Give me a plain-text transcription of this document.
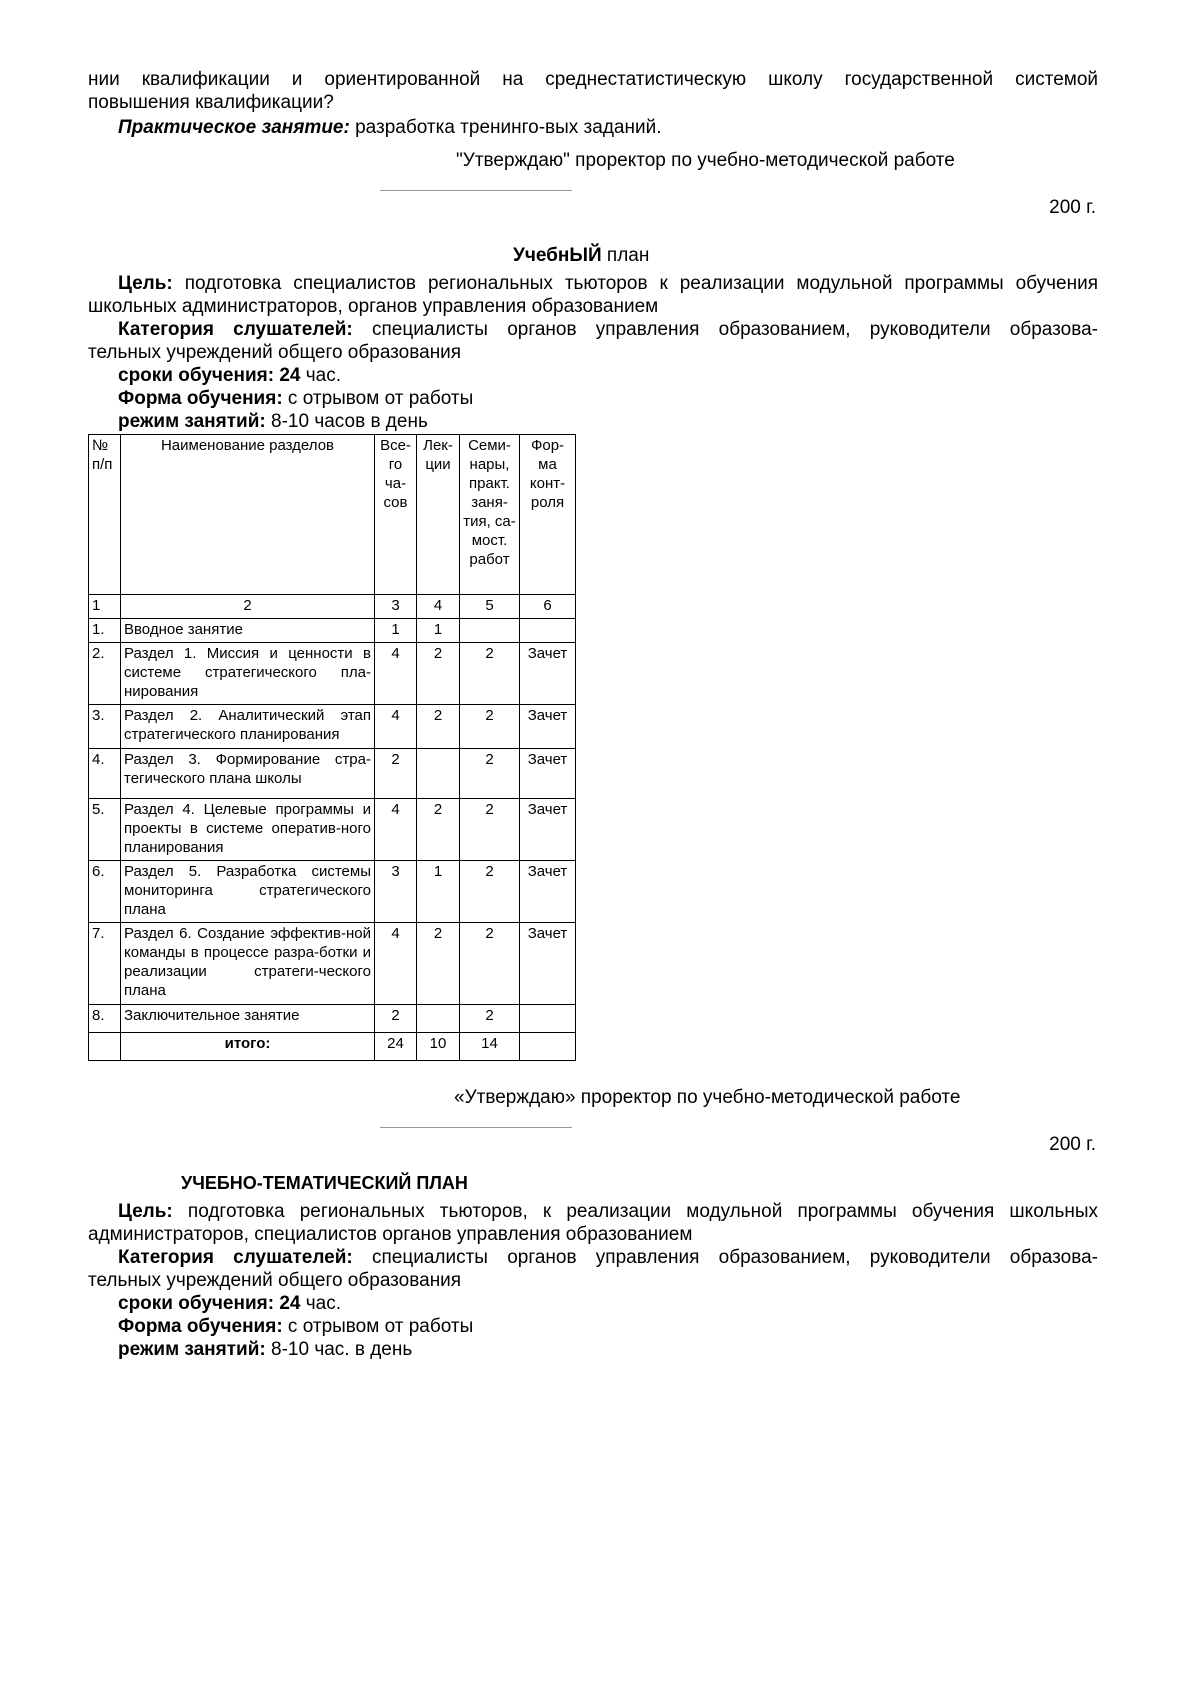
нии квалификации и ориентированной на среднестатистическую школу государственной системой
повышения квалификации?
Практическое занятие: разработка тренинго-вых заданий.
"Утверждаю" проректор по учебно-методической работе
200 г.
УчебнЫЙ план
Цель: подготовка специалистов региональных тьюторов к реализации модульной программы обучения
школьных администраторов, органов управления образованием
Категория слушателей: специалисты органов управления образованием, руководители образова-
тельных учреждений общего образования
сроки обучения: 24 час.
Форма обучения: с отрывом от работы
режим занятий: 8-10 часов в день
№ п/п	Наименование разделов	Все-го ча-сов	Лек-ции	Семи-нары, практ. заня-тия, са-мост. работ	Фор-ма конт-роля
1	2	3	4	5	6
1.	Вводное занятие	1	1		
2.	Раздел 1. Миссия и ценности в системе стратегического пла-нирования	4	2	2	Зачет
3.	Раздел 2. Аналитический этап стратегического планирования	4	2	2	Зачет
4.	Раздел 3. Формирование стра-тегического плана школы	2		2	Зачет
5.	Раздел 4. Целевые программы и проекты в системе оператив-ного планирования	4	2	2	Зачет
6.	Раздел 5. Разработка системы мониторинга стратегического плана	3	1	2	Зачет
7.	Раздел 6. Создание эффектив-ной команды в процессе разра-ботки и реализации стратеги-ческого плана	4	2	2	Зачет
8.	Заключительное занятие	2		2	
	итого:	24	10	14	
«Утверждаю» проректор по учебно-методической работе
200 г.
УЧЕБНО-ТЕМАТИЧЕСКИЙ ПЛАН
Цель: подготовка региональных тьюторов, к реализации модульной программы обучения школьных
администраторов, специалистов органов управления образованием
Категория слушателей: специалисты органов управления образованием, руководители образова-
тельных учреждений общего образования
сроки обучения: 24 час.
Форма обучения: с отрывом от работы
режим занятий: 8-10 час. в день
